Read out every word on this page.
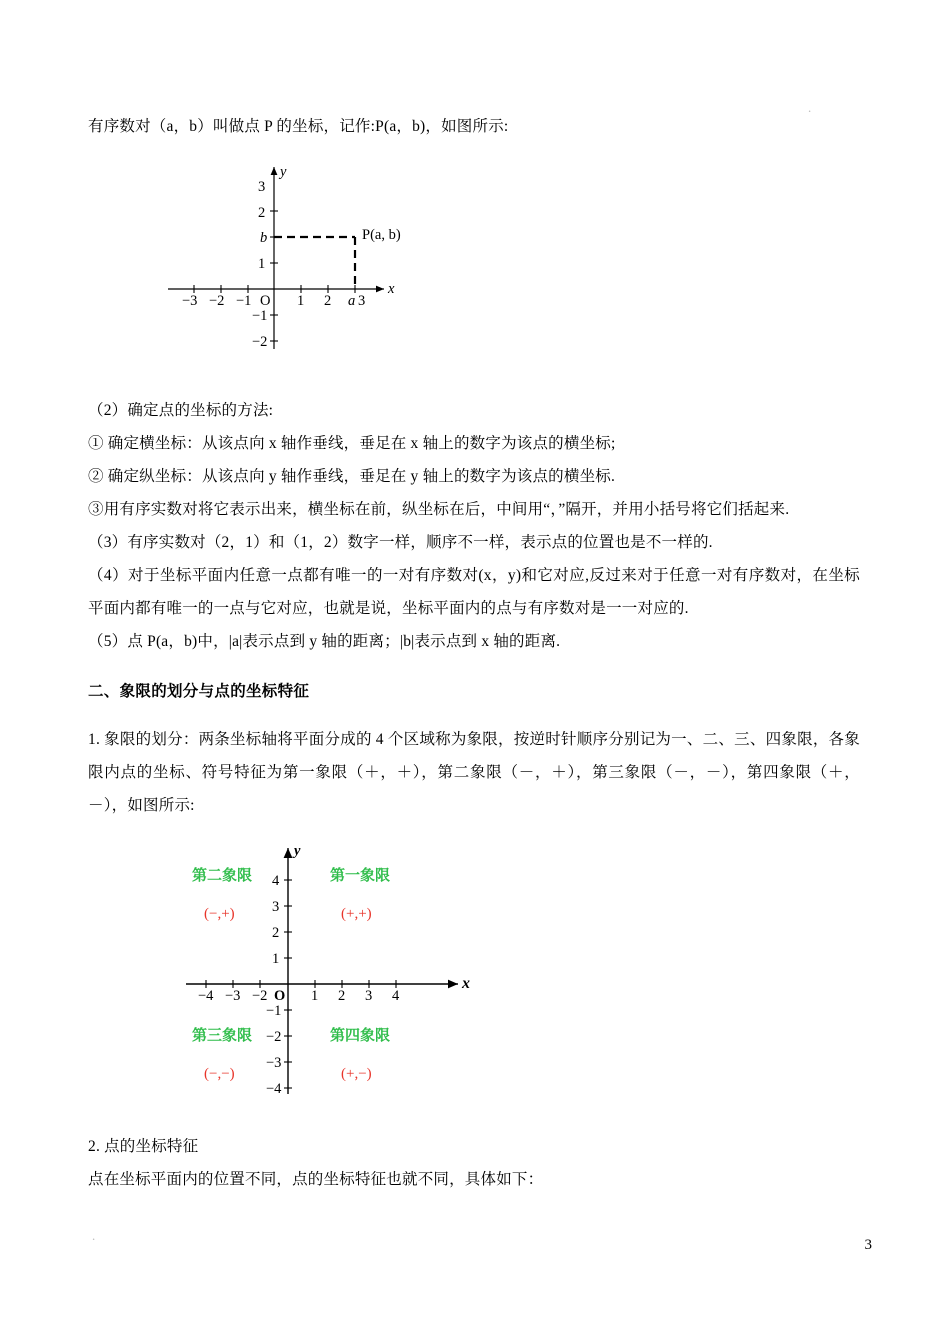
.

有序数对（a，b）叫做点 P 的坐标，记作:P(a，b)，如图所示:

y
x
O
−3 −2 −1	1 2 3
1
2
3
−1
−2
b
a
P(a, b)

（2）确定点的坐标的方法:

① 确定横坐标：从该点向 x 轴作垂线，垂足在 x 轴上的数字为该点的横坐标;

② 确定纵坐标：从该点向 y 轴作垂线，垂足在 y 轴上的数字为该点的横坐标.

③用有序实数对将它表示出来，横坐标在前，纵坐标在后，中间用“，”隔开，并用小括号将它们括起来.

（3）有序实数对（2，1）和（1，2）数字一样，顺序不一样，表示点的位置也是不一样的.

（4）对于坐标平面内任意一点都有唯一的一对有序数对(x，y)和它对应,反过来对于任意一对有序数对，在坐标平面内都有唯一的一点与它对应，也就是说，坐标平面内的点与有序数对是一一对应的.

（5）点 P(a，b)中，|a|表示点到 y 轴的距离；|b|表示点到 x 轴的距离.

二、象限的划分与点的坐标特征

1. 象限的划分：两条坐标轴将平面分成的 4 个区域称为象限，按逆时针顺序分别记为一、二、三、四象限，各象限内点的坐标、符号特征为第一象限（＋，＋），第二象限（－，＋），第三象限（－，－），第四象限（＋，－），如图所示:

y
x
O
−4 −3 −2	1 2 3 4
1
2
3
4
−1
−2
−3
−4
第二象限
(−,+)
第一象限
(+,+)
第三象限
(−,−)
第四象限
(+,−)

2. 点的坐标特征

点在坐标平面内的位置不同，点的坐标特征也就不同，具体如下：

.
3
